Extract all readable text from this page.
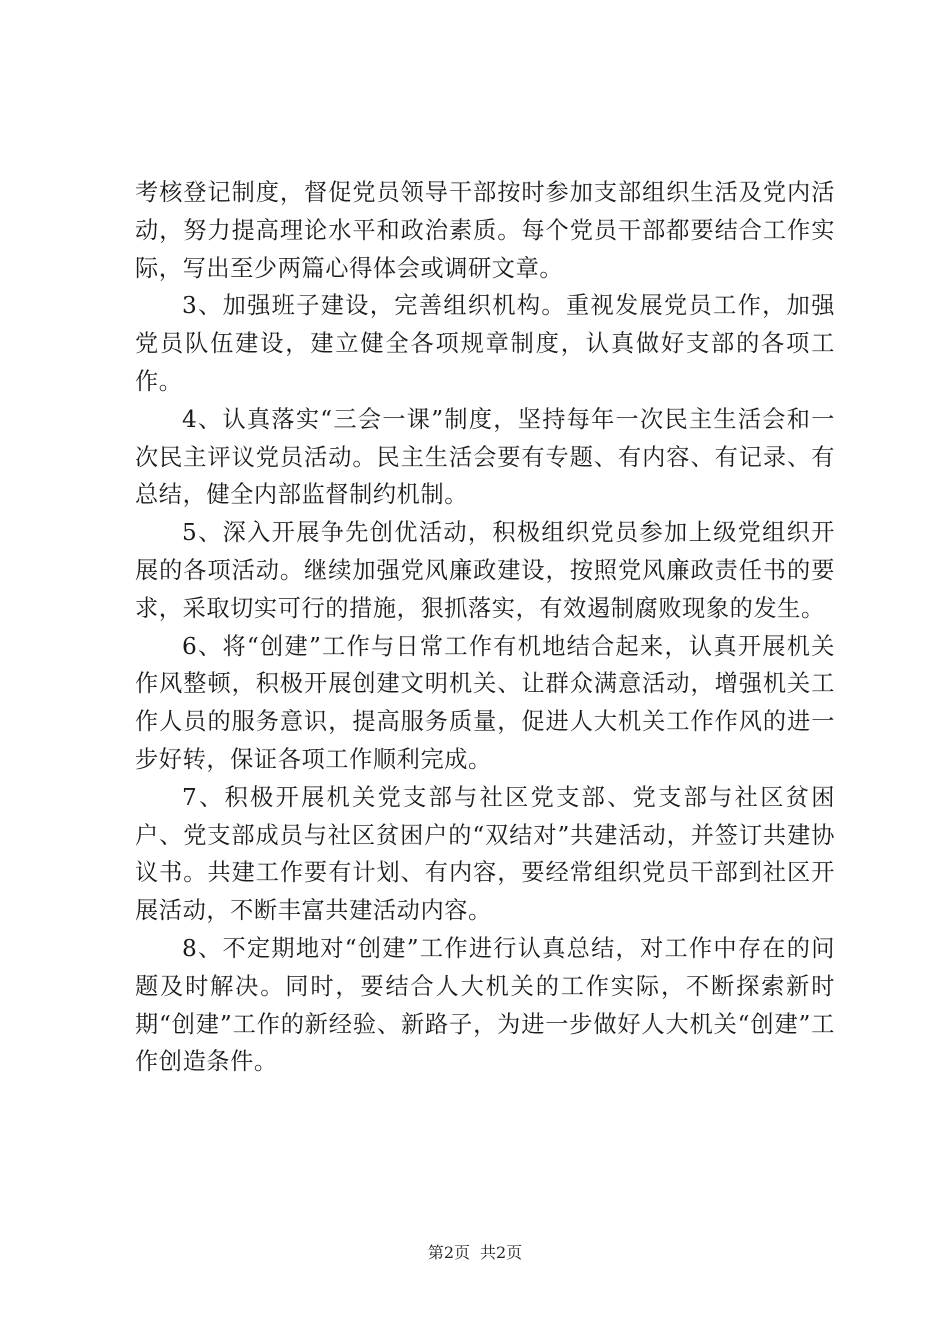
考核登记制度，督促党员领导干部按时参加支部组织生活及党内活动，努力提高理论水平和政治素质。每个党员干部都要结合工作实际，写出至少两篇心得体会或调研文章。

3、加强班子建设，完善组织机构。重视发展党员工作，加强党员队伍建设，建立健全各项规章制度，认真做好支部的各项工作。

4、认真落实“三会一课”制度，坚持每年一次民主生活会和一次民主评议党员活动。民主生活会要有专题、有内容、有记录、有总结，健全内部监督制约机制。

5、深入开展争先创优活动，积极组织党员参加上级党组织开展的各项活动。继续加强党风廉政建设，按照党风廉政责任书的要求，采取切实可行的措施，狠抓落实，有效遏制腐败现象的发生。

6、将“创建”工作与日常工作有机地结合起来，认真开展机关作风整顿，积极开展创建文明机关、让群众满意活动，增强机关工作人员的服务意识，提高服务质量，促进人大机关工作作风的进一步好转，保证各项工作顺利完成。

7、积极开展机关党支部与社区党支部、党支部与社区贫困户、党支部成员与社区贫困户的“双结对”共建活动，并签订共建协议书。共建工作要有计划、有内容，要经常组织党员干部到社区开展活动，不断丰富共建活动内容。

8、不定期地对“创建”工作进行认真总结，对工作中存在的问题及时解决。同时，要结合人大机关的工作实际，不断探索新时期“创建”工作的新经验、新路子，为进一步做好人大机关“创建”工作创造条件。

第2页 共2页
